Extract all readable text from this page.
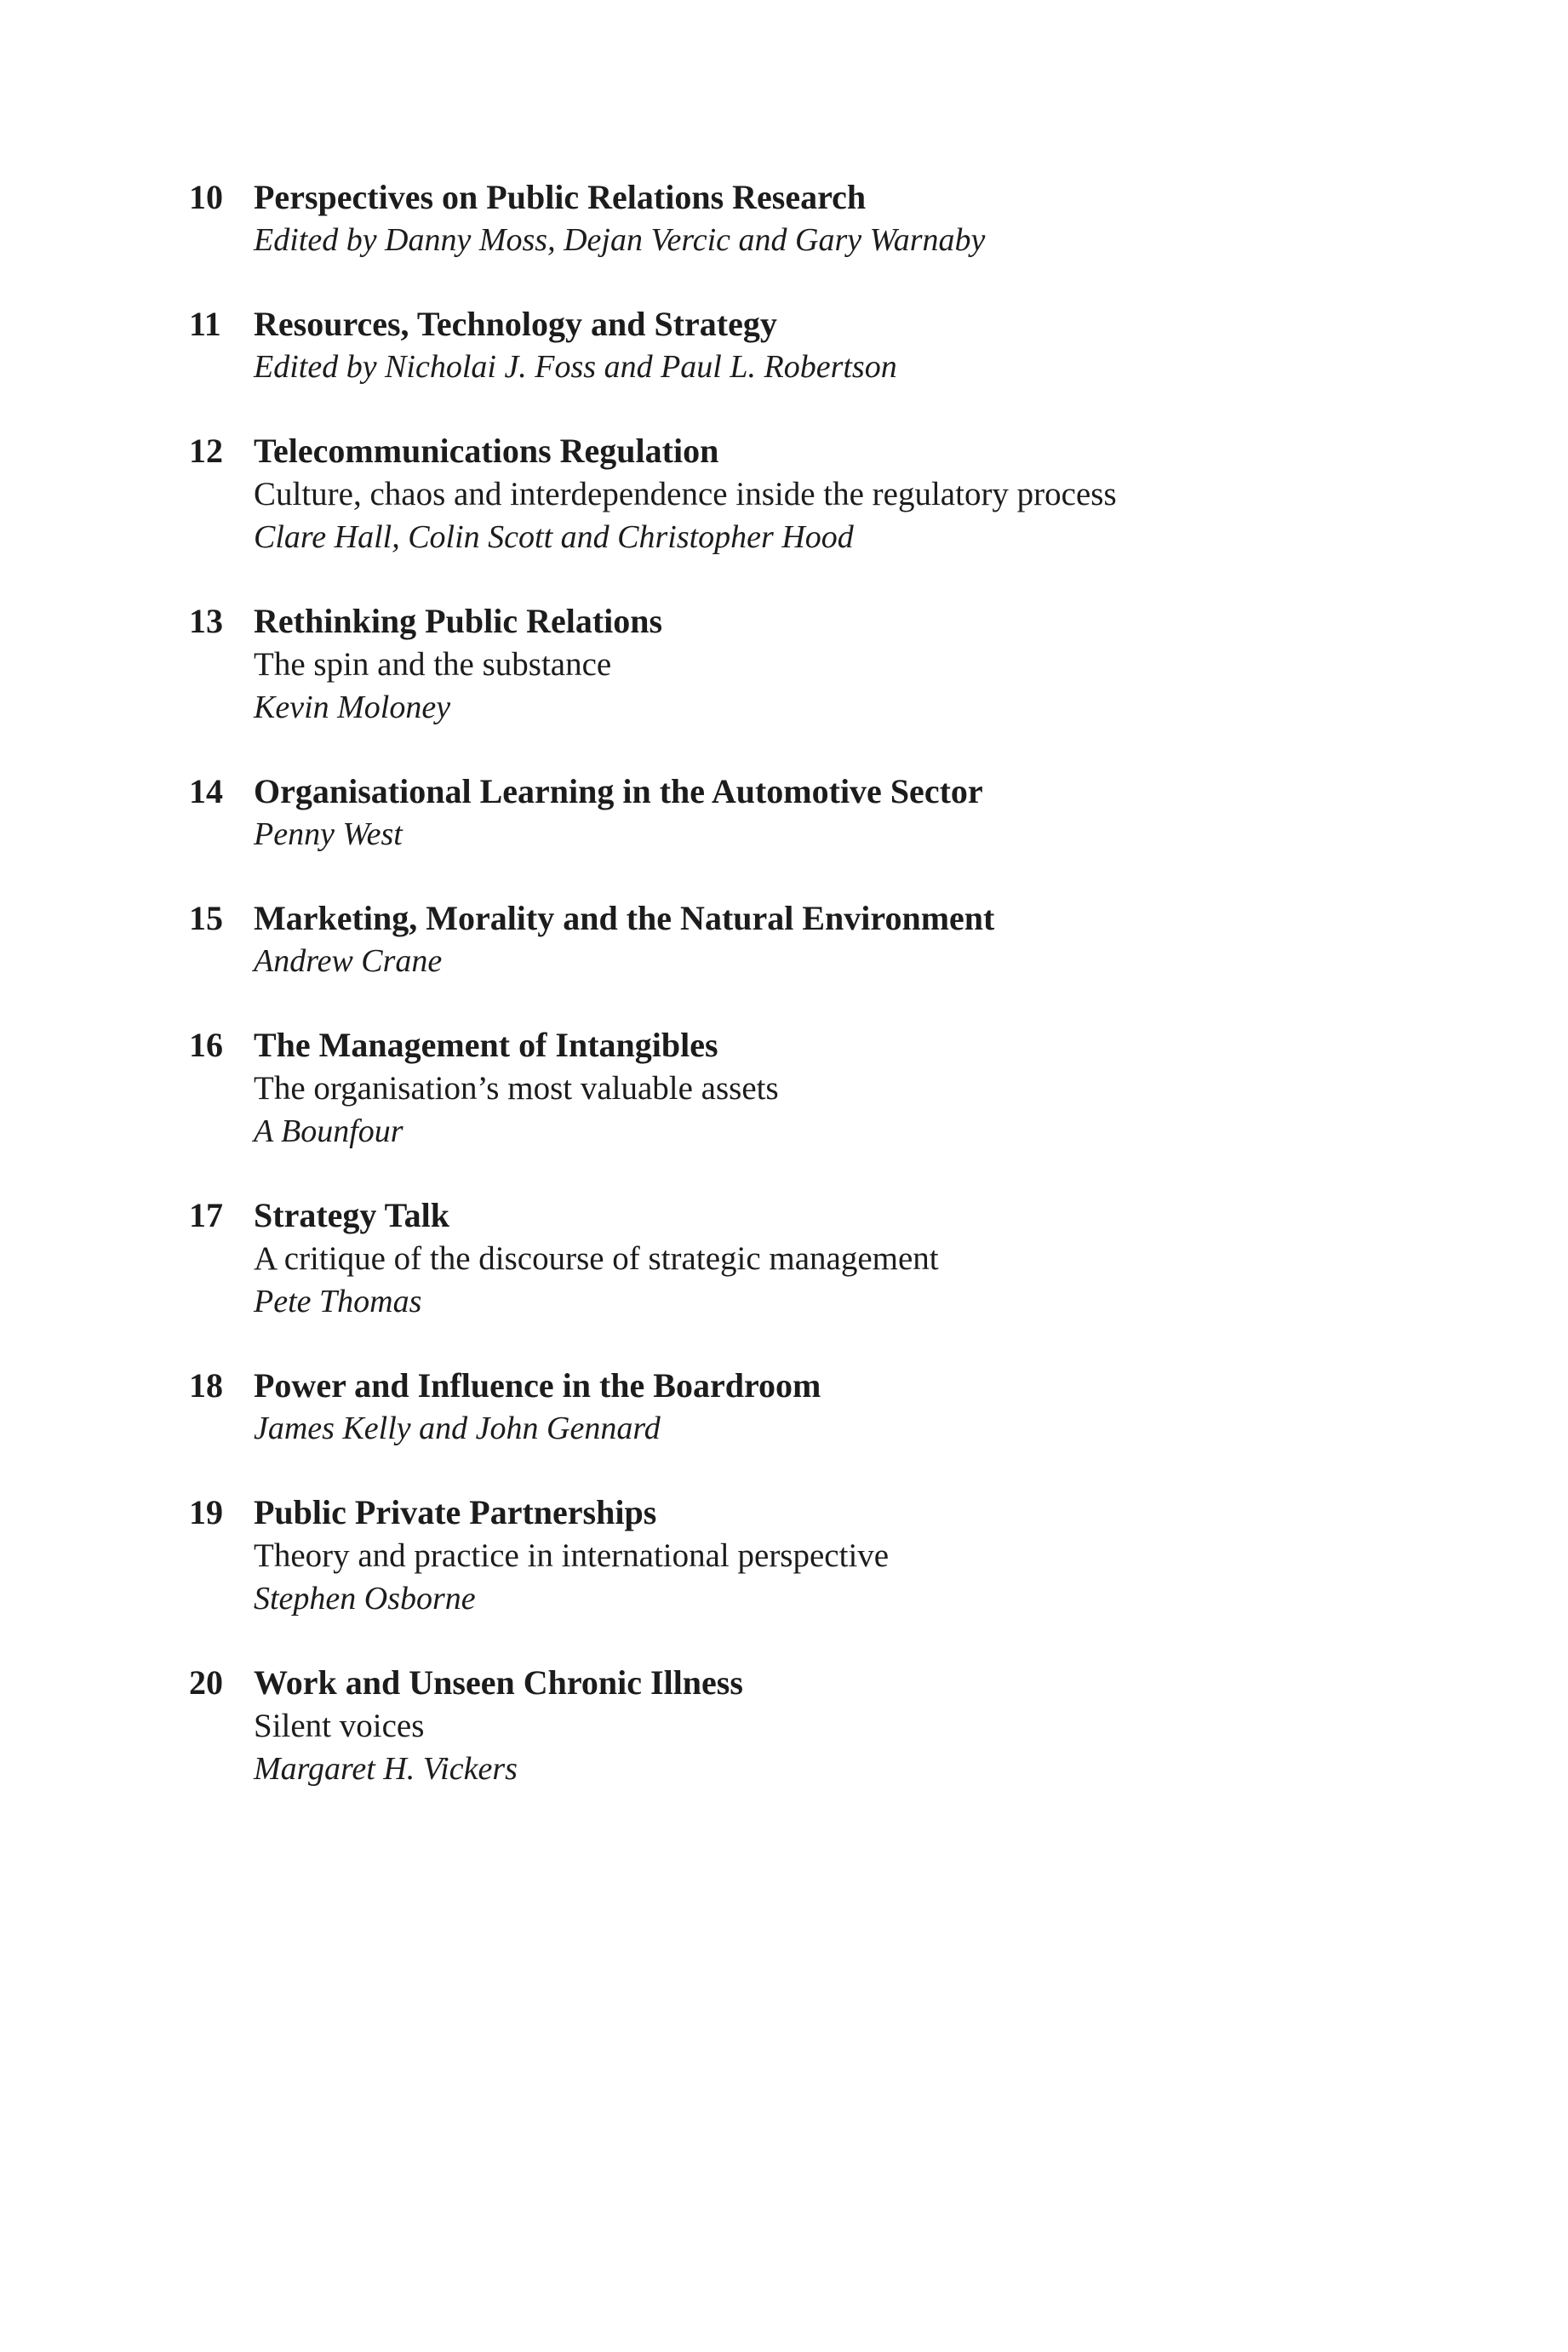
10 Perspectives on Public Relations Research
Edited by Danny Moss, Dejan Vercic and Gary Warnaby
11 Resources, Technology and Strategy
Edited by Nicholai J. Foss and Paul L. Robertson
12 Telecommunications Regulation
Culture, chaos and interdependence inside the regulatory process
Clare Hall, Colin Scott and Christopher Hood
13 Rethinking Public Relations
The spin and the substance
Kevin Moloney
14 Organisational Learning in the Automotive Sector
Penny West
15 Marketing, Morality and the Natural Environment
Andrew Crane
16 The Management of Intangibles
The organisation’s most valuable assets
A Bounfour
17 Strategy Talk
A critique of the discourse of strategic management
Pete Thomas
18 Power and Influence in the Boardroom
James Kelly and John Gennard
19 Public Private Partnerships
Theory and practice in international perspective
Stephen Osborne
20 Work and Unseen Chronic Illness
Silent voices
Margaret H. Vickers
